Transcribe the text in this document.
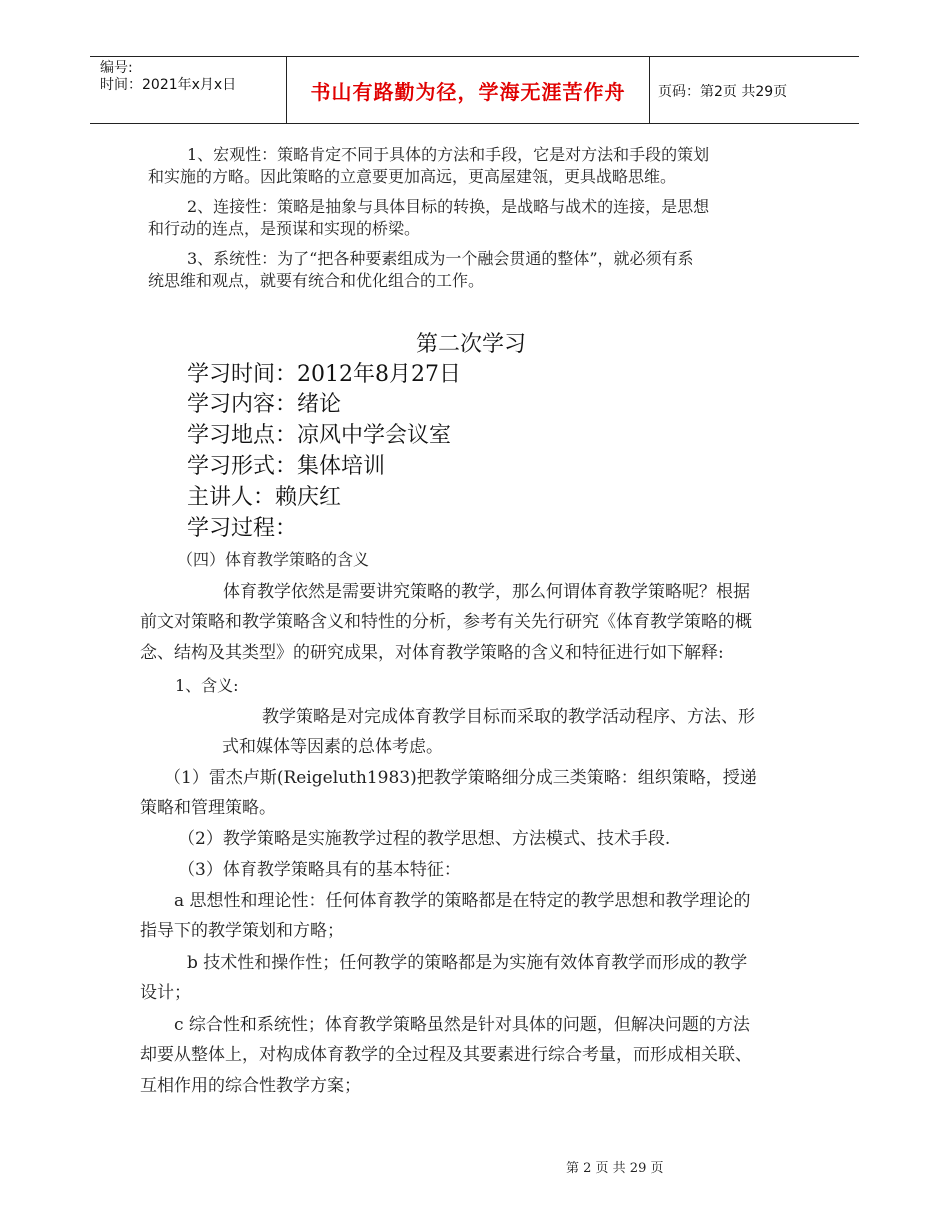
编号:
时间：2021年x月x日	书山有路勤为径，学海无涯苦作舟 页码：第2页 共29页
1、宏观性：策略肯定不同于具体的方法和手段，它是对方法和手段的策划
和实施的方略。因此策略的立意要更加高远，更高屋建瓴，更具战略思维。
2、连接性：策略是抽象与具体目标的转换，是战略与战术的连接，是思想
和行动的连点，是预谋和实现的桥梁。
3、系统性：为了“把各种要素组成为一个融会贯通的整体”，就必须有系
统思维和观点，就要有统合和优化组合的工作。
第二次学习
学习时间：2012年8月27日
学习内容：绪论
学习地点：凉风中学会议室
学习形式：集体培训
主讲人：赖庆红
学习过程：
（四）体育教学策略的含义
体育教学依然是需要讲究策略的教学，那么何谓体育教学策略呢？根据
前文对策略和教学策略含义和特性的分析，参考有关先行研究《体育教学策略的概
念、结构及其类型》的研究成果，对体育教学策略的含义和特征进行如下解释:
1、含义:
教学策略是对完成体育教学目标而采取的教学活动程序、方法、形
式和媒体等因素的总体考虑。
（1）雷杰卢斯(Reigeluth1983)把教学策略细分成三类策略：组织策略，授递
策略和管理策略。
（2）教学策略是实施教学过程的教学思想、方法模式、技术手段.
（3）体育教学策略具有的基本特征：
a 思想性和理论性：任何体育教学的策略都是在特定的教学思想和教学理论的
指导下的教学策划和方略；
b 技术性和操作性；任何教学的策略都是为实施有效体育教学而形成的教学
设计；
c 综合性和系统性；体育教学策略虽然是针对具体的问题，但解决问题的方法
却要从整体上，对构成体育教学的全过程及其要素进行综合考量，而形成相关联、
互相作用的综合性教学方案；
第 2 页 共 29 页
